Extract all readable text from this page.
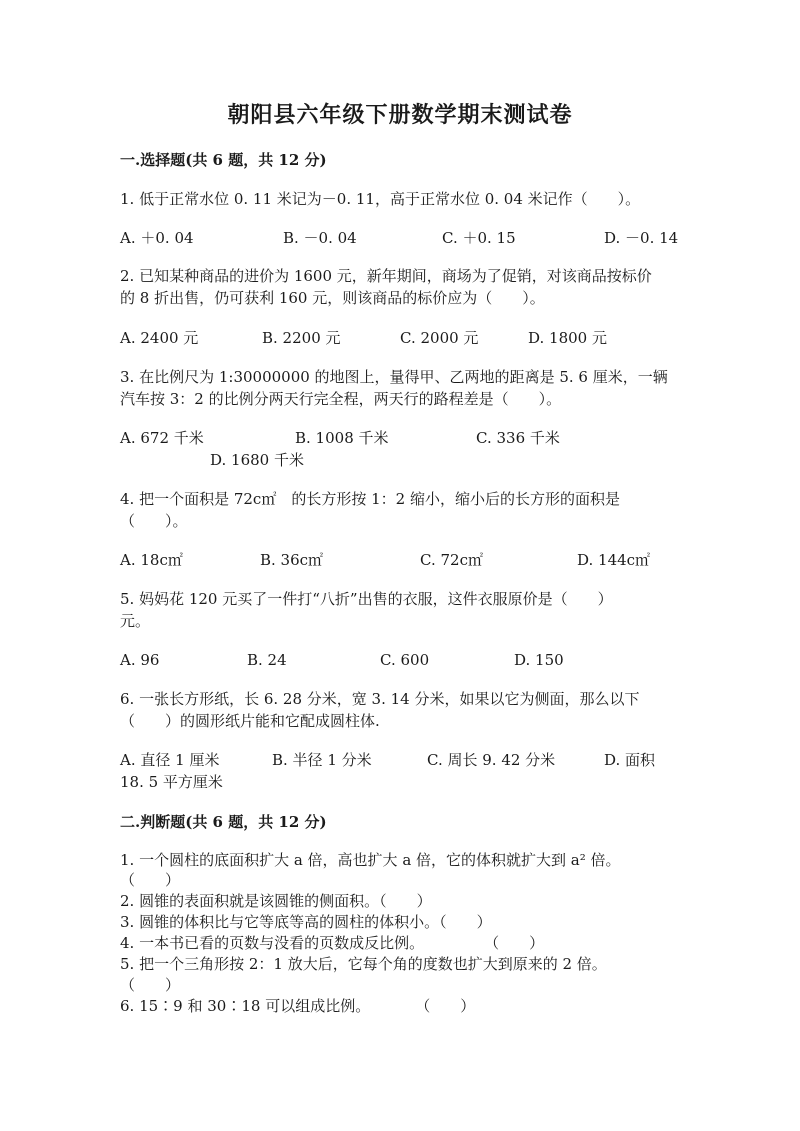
朝阳县六年级下册数学期末测试卷
一.选择题(共 6 题，共 12 分)
1. 低于正常水位 0. 11 米记为－0. 11，高于正常水位 0. 04 米记作（　　）。
A. ＋0. 04	B. －0. 04	C. ＋0. 15	D. －0. 14
2. 已知某种商品的进价为 1600 元，新年期间，商场为了促销，对该商品按标价
的 8 折出售，仍可获利 160 元，则该商品的标价应为（　　）。
A. 2400 元	B. 2200 元	C. 2000 元	D. 1800 元
3. 在比例尺为 1:30000000 的地图上，量得甲、乙两地的距离是 5. 6 厘米，一辆
汽车按 3：2 的比例分两天行完全程，两天行的路程差是（　　）。
A. 672 千米	B. 1008 千米	C. 336 千米
D. 1680 千米
4. 把一个面积是 72c㎡　的长方形按 1：2 缩小，缩小后的长方形的面积是
（　　）。
A. 18c㎡	B. 36c㎡	C. 72c㎡	D. 144c㎡
5. 妈妈花 120 元买了一件打“八折”出售的衣服，这件衣服原价是（　　）
元。
A. 96	B. 24	C. 600	D. 150
6. 一张长方形纸，长 6. 28 分米，宽 3. 14 分米，如果以它为侧面，那么以下
（　　）的圆形纸片能和它配成圆柱体.
A. 直径 1 厘米	B. 半径 1 分米	C. 周长 9. 42 分米	D. 面积
18. 5 平方厘米
二.判断题(共 6 题，共 12 分)
1. 一个圆柱的底面积扩大 a 倍，高也扩大 a 倍，它的体积就扩大到 a² 倍。
（　　）
2. 圆锥的表面积就是该圆锥的侧面积。（　　）
3. 圆锥的体积比与它等底等高的圆柱的体积小。（　　）
4. 一本书已看的页数与没看的页数成反比例。　　　　　（　　）
5. 把一个三角形按 2：1 放大后，它每个角的度数也扩大到原来的 2 倍。
（　　）
6. 15∶9 和 30∶18 可以组成比例。　　　　（　　）
